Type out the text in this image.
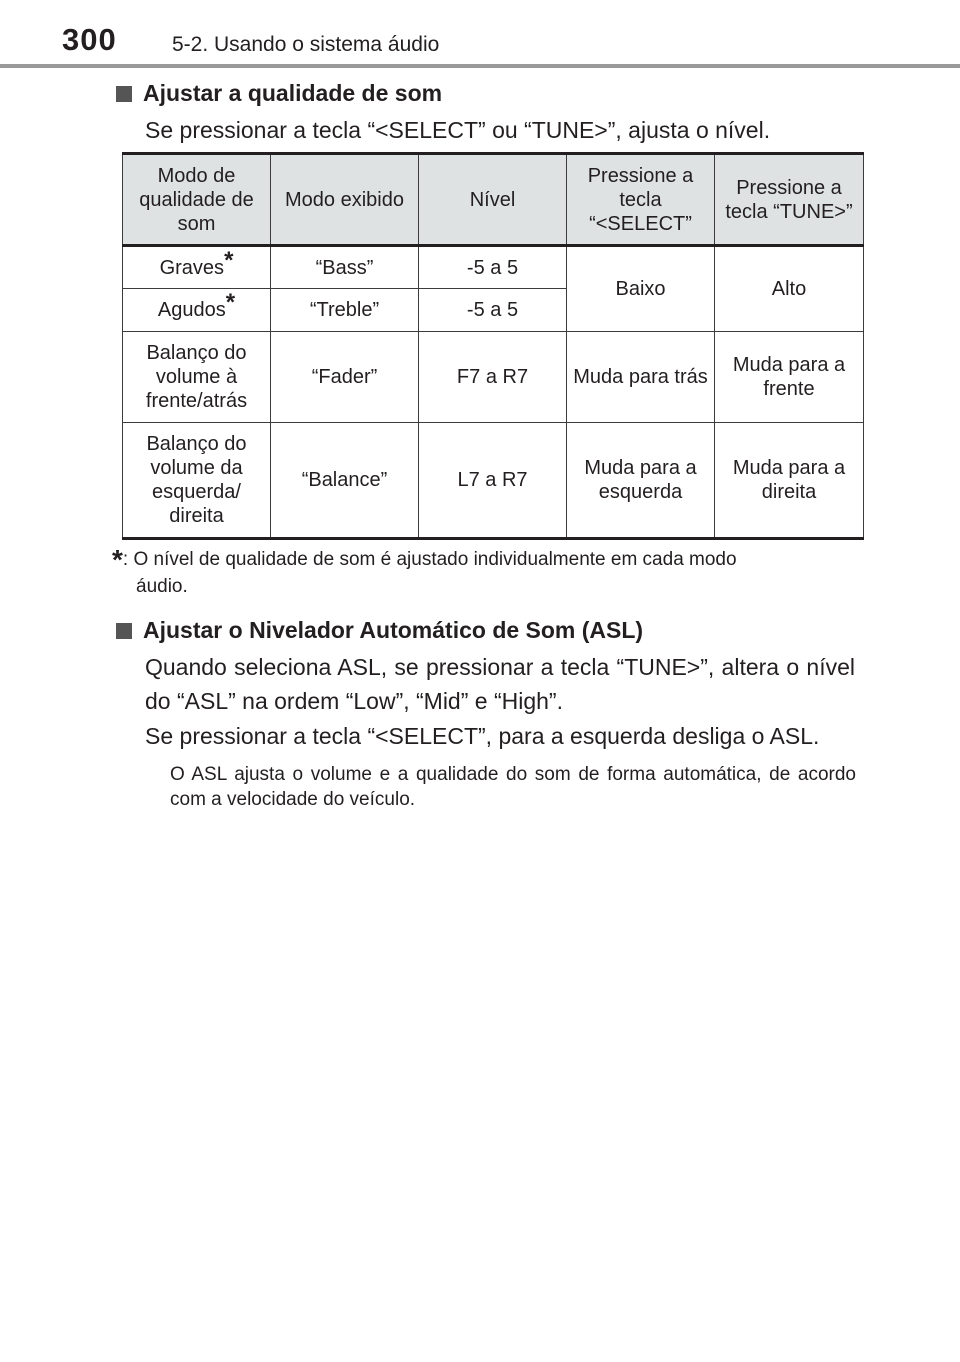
300	5-2. Usando o sistema áudio
Ajustar a qualidade de som
Se pressionar a tecla “<SELECT” ou “TUNE>”, ajusta o nível.
Modo de qualidade de som	Modo exibido	Nível	Pressione a tecla “<SELECT”	Pressione a tecla “TUNE>”
Graves*	“Bass”	-5 a 5	Baixo	Alto
Agudos*	“Treble”	-5 a 5		
Balanço do volume à frente/atrás	“Fader”	F7 a R7	Muda para trás	Muda para a frente
Balanço do volume da esquerda/ direita	“Balance”	L7 a R7	Muda para a esquerda	Muda para a direita
*: O nível de qualidade de som é ajustado individualmente em cada modo
áudio.
Ajustar o Nivelador Automático de Som (ASL)
Quando seleciona ASL, se pressionar a tecla “TUNE>”, altera o nível do “ASL” na ordem “Low”, “Mid” e “High”.
Se pressionar a tecla “<SELECT”, para a esquerda desliga o ASL.
O ASL ajusta o volume e a qualidade do som de forma automática, de acordo com a velocidade do veículo.
